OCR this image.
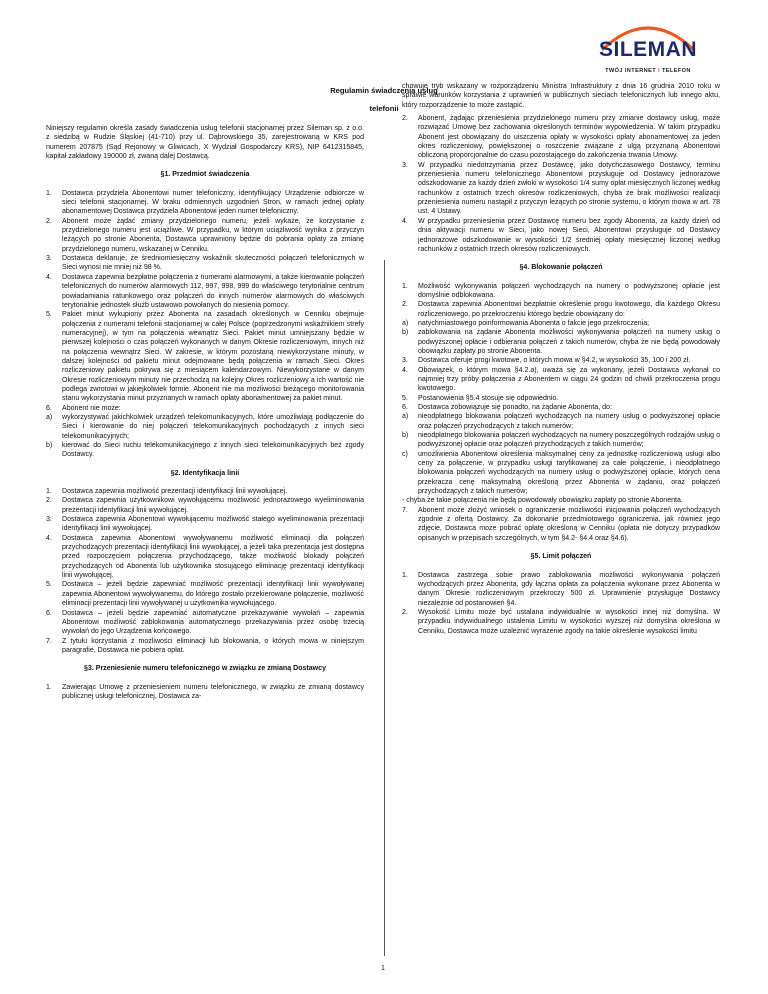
SILEMAN
TWÓJ INTERNET I TELEFON
Regulamin świadczenia usług
telefonii

Niniejszy regulamin określa zasady świadczenia usług telefonii stacjonarnej przez Sileman sp. z o.o. z siedzibą w Rudzie Śląskiej (41-710) przy ul. Dąbrowskiego 35, zarejestrowaną w KRS pod numerem 207875 (Sąd Rejonowy w Gliwicach, X Wydział Gospodarczy KRS), NIP 6412315845, kapitał zakładowy 190000 zł, zwaną dalej Dostawcą.

§1. Przedmiot świadczenia
1.	Dostawca przydziela Abonentowi numer telefoniczny, identyfikujący Urządzenie odbiorcze w sieci telefonii stacjonarnej. W braku odmiennych uzgodnień Stron, w ramach jednej opłaty abonamentowej Dostawca przydziela Abonentowi jeden numer telefoniczny.
2.	Abonent może żądać zmiany przydzielonego numeru, jeżeli wykaże, że korzystanie z przydzielonego numeru jest uciążliwe. W przypadku, w którym uciążliwość wynika z przyczyn leżących po stronie Abonenta, Dostawca uprawniony będzie do pobrania opłaty za zmianę przydzielonego numeru, wskazanej w Cenniku.
3.	Dostawca deklaruje, że średniomiesięczny wskaźnik skuteczności połączeń telefonicznych w Sieci wynosi nie mniej niż 98 %.
4.	Dostawca zapewnia bezpłatne połączenia z numerami alarmowymi, a także kierowanie połączeń telefonicznych do numerów alarmowych 112, 997, 998, 999 do właściwego terytorialnie centrum powiadamiania ratunkowego oraz połączeń do innych numerów alarmowych do właściwych terytorialnie jednostek służb ustawowo powołanych do niesienia pomocy.
5.	Pakiet minut wykupiony przez Abonenta na zasadach określonych w Cenniku obejmuje połączenia z numerami telefonii stacjonarnej w całej Polsce (poprzedzonymi wskaźnikiem strefy numeracyjnej), w tym na połączenia wewnątrz Sieci. Pakiet minut umniejszany będzie w pierwszej kolejności o czas połączeń wykonanych w danym Okresie rozliczeniowym, innych niż na połączenia wewnątrz Sieci. W zakresie, w którym pozostaną niewykorzystane minuty, w dalszej kolejności od pakietu minut odejmowane będą połączenia w ramach Sieci. Okres rozliczeniowy pakietu pokrywa się z miesiącem kalendarzowym. Niewykorzystane w danym Okresie rozliczeniowym minuty nie przechodzą na kolejny Okres rozliczeniowy a ich wartość nie podlega zwrotowi w jakiejkolwiek formie. Abonent nie ma możliwości bieżącego monitorowania stanu wykorzystania minut przyznanych w ramach opłaty abonamentowej za pakiet minut.
6.	Abonent nie może:
a)	wykorzystywać jakichkolwiek urządzeń telekomunikacyjnych, które umożliwiają podłączenie do Sieci i kierowanie do niej połączeń telekomunikacyjnych pochodzących z innych sieci telekomunikacyjnych;
b)	kierować do Sieci ruchu telekomunikacyjnego z innych sieci telekomunikacyjnych bez zgody Dostawcy.
§2. Identyfikacja linii
1.	Dostawca zapewnia możliwość prezentacji identyfikacji linii wywołującej.
2.	Dostawca zapewnia użytkownikowi wywołującemu możliwość jednorazowego wyeliminowania prezentacji identyfikacji linii wywołującej.
3.	Dostawca zapewnia Abonentowi wywołującemu możliwość stałego wyeliminowania prezentacji identyfikacji linii wywołującej.
4.	Dostawca zapewnia Abonentowi wywoływanemu możliwość eliminacji dla połączeń przychodzących prezentacji identyfikacji linii wywołującej, a jeżeli taka prezentacja jest dostępna przed rozpoczęciem połączenia przychodzącego, także możliwość blokady połączeń przychodzących od Abonenta lub użytkownika stosującego eliminację prezentacji identyfikacji linii wywołującej.
5.	Dostawca – jeżeli będzie zapewniać możliwość prezentacji identyfikacji linii wywoływanej zapewnia Abonentowi wywoływanemu, do którego zostało przekierowane połączenie, możliwość eliminacji prezentacji linii wywoływanej u użytkownika wywołującego.
6.	Dostawca – jeżeli będzie zapewniać automatyczne przekazywanie wywołań – zapewnia Abonentowi możliwość zablokowania automatycznego przekazywania przez osobę trzecią wywołań do jego Urządzenia końcowego.
7.	Z tytułu korzystania z możliwości eliminacji lub blokowania, o których mowa w niniejszym paragrafie, Dostawca nie pobiera opłat.
§3. Przeniesienie numeru telefonicznego w związku ze zmianą Dostawcy
1.	Zawierając Umowę z przeniesieniem numeru telefonicznego, w związku ze zmianą dostawcy publicznej usługi telefonicznej, Dostawca za-

chowuje tryb wskazany w rozporządzeniu Ministra Infrastruktury z dnia 16 grudnia 2010 roku w sprawie warunków korzystania z uprawnień w publicznych sieciach telefonicznych lub innego aktu, który rozporządzenie to może zastąpić.

2.	Abonent, żądając przeniesienia przydzielonego numeru przy zmianie dostawcy usług, może rozwiązać Umowę bez zachowania określonych terminów wypowiedzenia. W takim przypadku Abonent jest obowiązany do uiszczenia opłaty w wysokości opłaty abonamentowej za jeden okres rozliczeniowy, powiększonej o roszczenie związane z ulgą przyznaną Abonentowi obliczoną proporcjonalnie do czasu pozostającego do zakończenia trwania Umowy.
3.	W przypadku niedotrzymania przez Dostawcę, jako dotychczasowego Dostawcy, terminu przeniesienia numeru telefonicznego Abonentowi przysługuje od Dostawcy jednorazowe odszkodowanie za każdy dzień zwłoki w wysokości 1/4 sumy opłat miesięcznych liczonej według rachunków z ostatnich trzech okresów rozliczeniowych, chyba że brak możliwości realizacji przeniesienia numeru nastąpił z przyczyn leżących po stronie systemu, o którym mowa w art. 78 ust. 4 Ustawy.
4.	W przypadku przeniesienia przez Dostawcę numeru bez zgody Abonenta, za każdy dzień od dnia aktywacji numeru w Sieci, jako nowej Sieci, Abonentowi przysługuje od Dostawcy jednorazowe odszkodowanie w wysokości 1/2 średniej opłaty miesięcznej liczonej według rachunków z ostatnich trzech okresów rozliczeniowych.
§4. Blokowanie połączeń
1.	Możliwość wykonywania połączeń wychodzących na numery o podwyższonej opłacie jest domyślnie odblokowana.
2.	Dostawca zapewnia Abonentowi bezpłatnie określenie progu kwotowego, dla każdego Okresu rozliczeniowego, po przekroczeniu którego będzie obowiązany do:
a)	natychmiastowego poinformowania Abonenta o fakcie jego przekroczenia;
b)	zablokowania na żądanie Abonenta możliwości wykonywania połączeń na numery usług o podwyższonej opłacie i odbierania połączeń z takich numerów, chyba że nie będą powodowały obowiązku zapłaty po stronie Abonenta.
3.	Dostawca oferuje progi kwotowe, o których mowa w §4.2, w wysokości 35, 100 i 200 zł.
4.	Obowiązek, o którym mowa §4.2.a), uważa się za wykonany, jeżeli Dostawca wykonał co najmniej trzy próby połączenia z Abonentem w ciągu 24 godzin od chwili przekroczenia progu kwotowego.
5.	Postanowienia §5.4 stosuje się odpowiednio.
6.	Dostawca zobowiązuje się ponadto, na żądanie Abonenta, do:
a)	nieodpłatnego blokowania połączeń wychodzących na numery usług o podwyższonej opłacie oraz połączeń przychodzących z takich numerów;
b)	nieodpłatnego blokowania połączeń wychodzących na numery poszczególnych rodzajów usług o podwyższonej opłacie oraz połączeń przychodzących z takich numerów;
c)	umożliwienia Abonentowi określenia maksymalnej ceny za jednostkę rozliczeniową usługi albo ceny za połączenie, w przypadku usługi taryfikowanej za całe połączenie, i nieodpłatnego blokowania połączeń wychodzących na numery usług o podwyższonej opłacie, których cena przekracza cenę maksymalną określoną przez Abonenta w żądaniu, oraz połączeń przychodzących z takich numerów;

- chyba że takie połączenia nie będą powodowały obowiązku zapłaty po stronie Abonenta.

7.	Abonent może złożyć wniosek o ograniczenie możliwości inicjowania połączeń wychodzących zgodnie z ofertą Dostawcy. Za dokonanie przedmiotowego ograniczenia, jak również jego zdjęcie, Dostawca może pobrać opłatę określoną w Cenniku (opłata nie dotyczy przypadków opisanych w przepisach szczególnych, w tym §4.2- §4.4 oraz §4.6).
§5. Limit połączeń
1.	Dostawca zastrzega sobie prawo zablokowania możliwości wykonywania połączeń wychodzących przez Abonenta, gdy łączna opłata za połączenia wykonane przez Abonenta w danym Okresie rozliczeniowym przekroczy 500 zł. Uprawnienie przysługuje Dostawcy niezależnie od postanowień §4.
2.	Wysokość Limitu może być ustalana indywidualnie w wysokości innej niż domyślna. W przypadku indywidualnego ustalenia Limitu w wysokości wyższej niż domyślna określona w Cenniku, Dostawca może uzależnić wyrażenie zgody na takie określenie wysokości limitu
1
